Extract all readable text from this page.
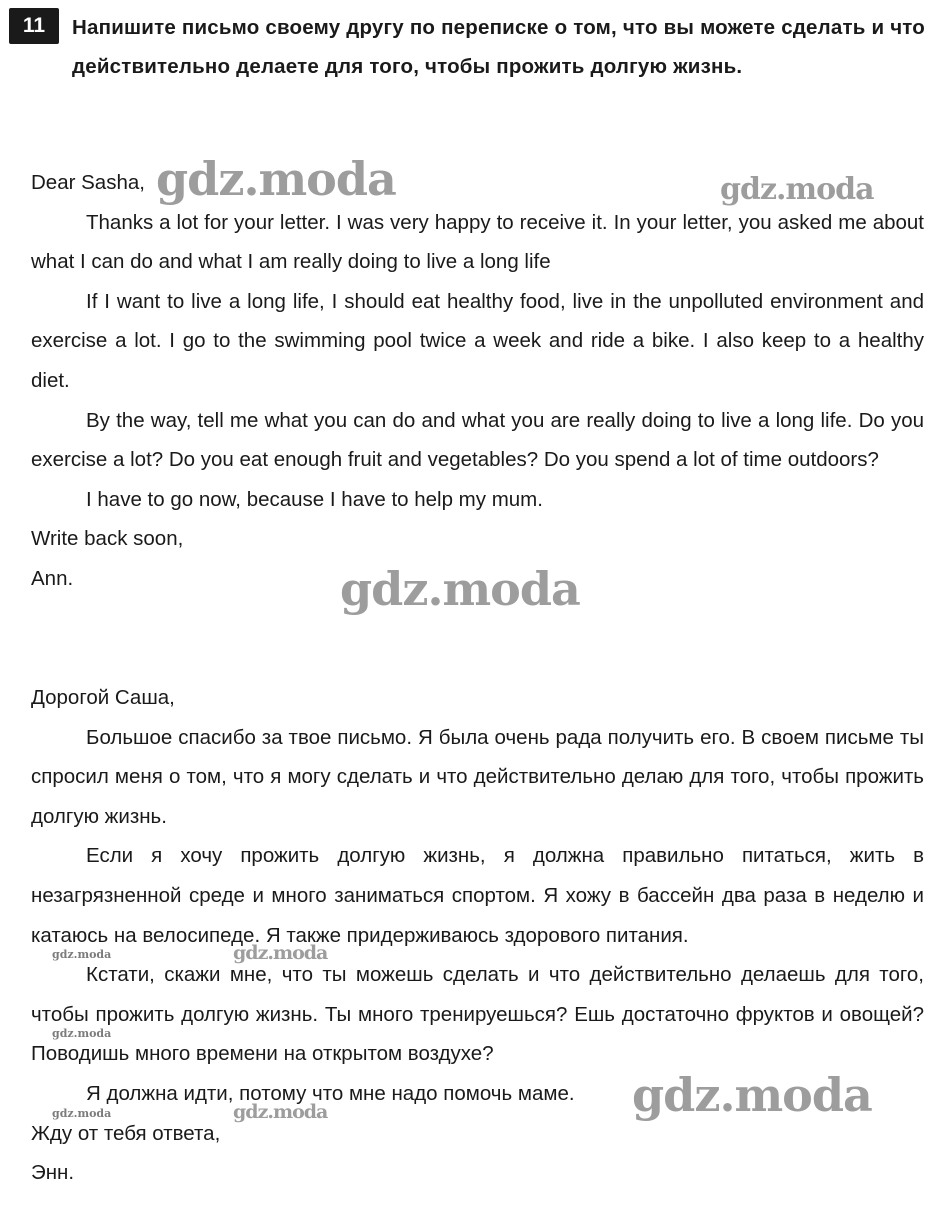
11	Напишите письмо своему другу по переписке о том, что вы можете сделать и что действительно делаете для того, чтобы прожить долгую жизнь.

Dear Sasha,

Thanks a lot for your letter. I was very happy to receive it. In your letter, you asked me about what I can do and what I am really doing to live a long life

If I want to live a long life, I should eat healthy food, live in the unpolluted environment and exercise a lot. I go to the swimming pool twice a week and ride a bike. I also keep to a healthy diet.

By the way, tell me what you can do and what you are really doing to live a long life. Do you exercise a lot? Do you eat enough fruit and vegetables? Do you spend a lot of time outdoors?

I have to go now, because I have to help my mum.

Write back soon,

Ann.

Дорогой Саша,

Большое спасибо за твое письмо. Я была очень рада получить его. В своем письме ты спросил меня о том, что я могу сделать и что действительно делаю для того, чтобы прожить долгую жизнь.

Если я хочу прожить долгую жизнь, я должна правильно питаться, жить в незагрязненной среде и много заниматься спортом. Я хожу в бассейн два раза в неделю и катаюсь на велосипеде. Я также придерживаюсь здорового питания.

Кстати, скажи мне, что ты можешь сделать и что действительно делаешь для того, чтобы прожить долгую жизнь. Ты много тренируешься? Ешь достаточно фруктов и овощей? Поводишь много времени на открытом воздухе?

Я должна идти, потому что мне надо помочь маме.

Жду от тебя ответа,

Энн.

gdz.moda	gdz.moda
gdz.moda
gdz.moda	gdz.moda
gdz.moda
gdz.moda
gdz.moda	gdz.moda
